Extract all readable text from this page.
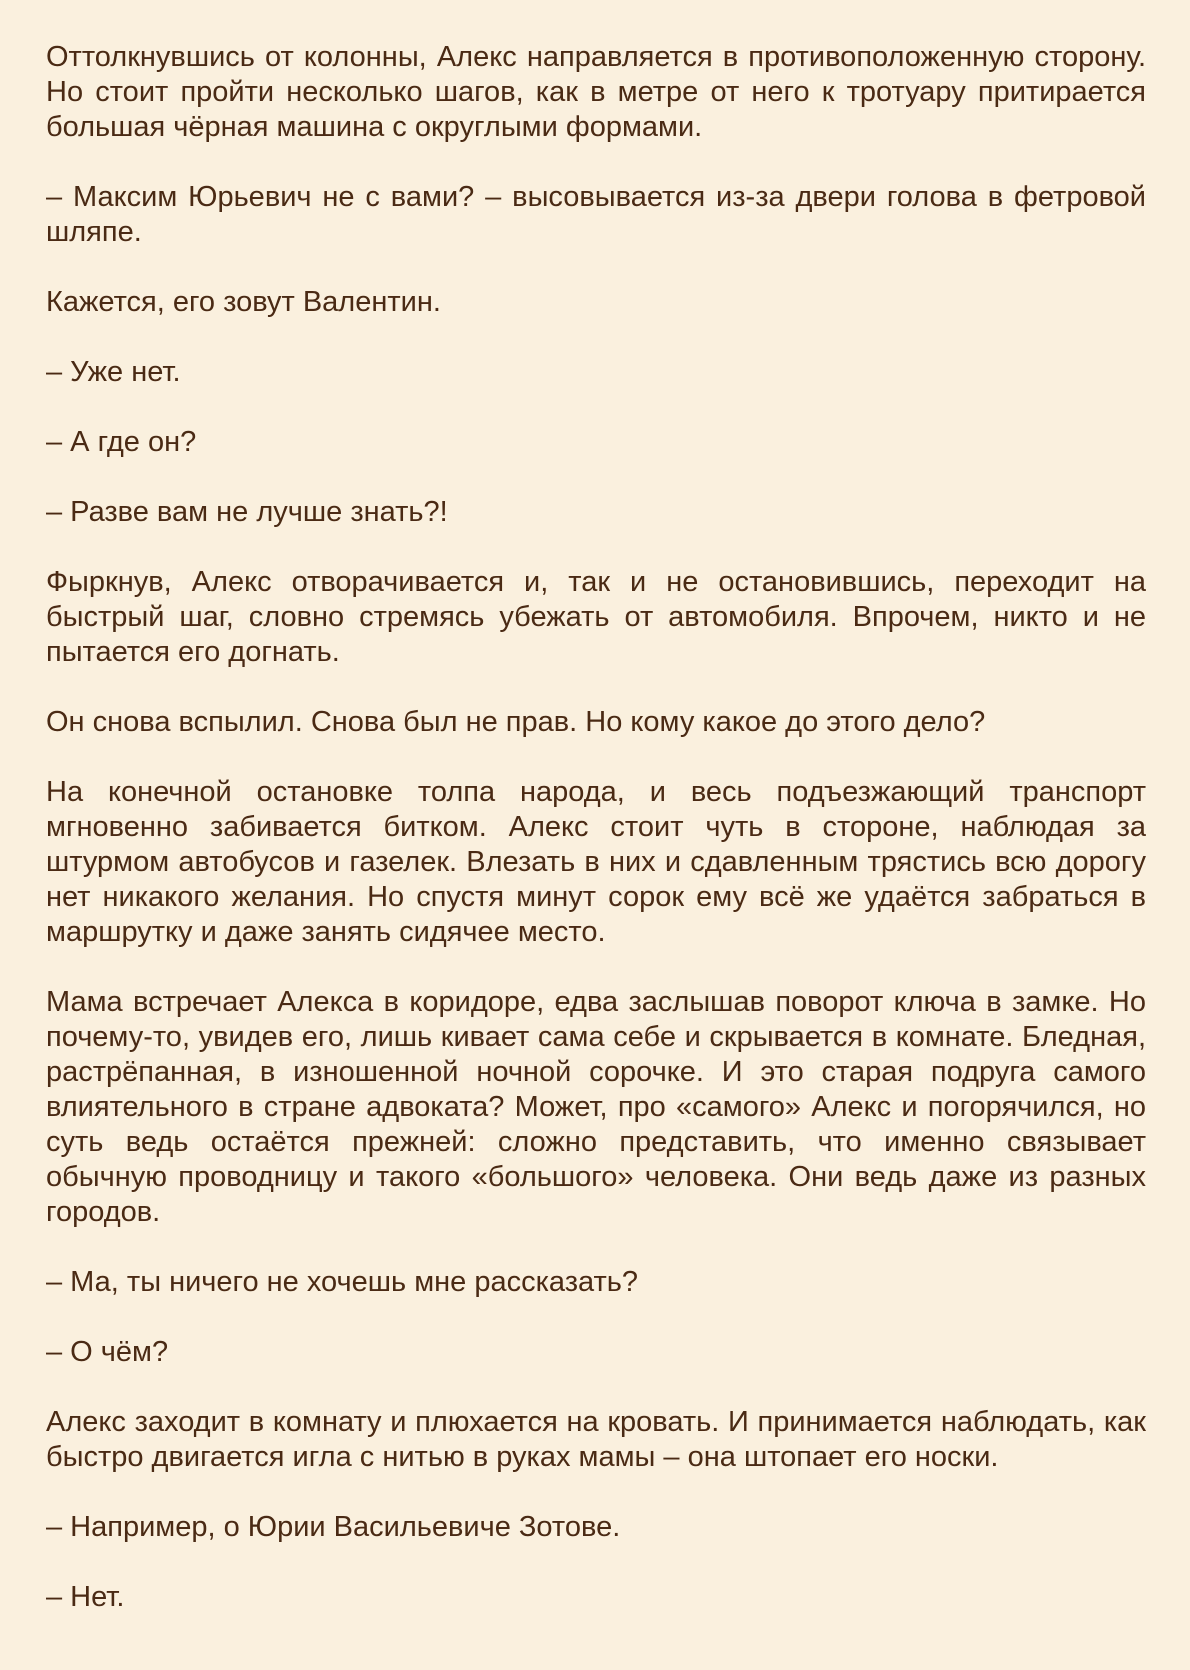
Оттолкнувшись от колонны, Алекс направляется в противоположенную сторону. Но стоит пройти несколько шагов, как в метре от него к тротуару притирается большая чёрная машина с округлыми формами.

– Максим Юрьевич не с вами? – высовывается из-за двери голова в фетровой шляпе.

Кажется, его зовут Валентин.

– Уже нет.

– А где он?

– Разве вам не лучше знать?!

Фыркнув, Алекс отворачивается и, так и не остановившись, переходит на быстрый шаг, словно стремясь убежать от автомобиля. Впрочем, никто и не пытается его догнать.

Он снова вспылил. Снова был не прав. Но кому какое до этого дело?

На конечной остановке толпа народа, и весь подъезжающий транспорт мгновенно забивается битком. Алекс стоит чуть в стороне, наблюдая за штурмом автобусов и газелек. Влезать в них и сдавленным трястись всю дорогу нет никакого желания. Но спустя минут сорок ему всё же удаётся забраться в маршрутку и даже занять сидячее место.

Мама встречает Алекса в коридоре, едва заслышав поворот ключа в замке. Но почему-то, увидев его, лишь кивает сама себе и скрывается в комнате. Бледная, растрёпанная, в изношенной ночной сорочке. И это старая подруга самого влиятельного в стране адвоката? Может, про «самого» Алекс и погорячился, но суть ведь остаётся прежней: сложно представить, что именно связывает обычную проводницу и такого «большого» человека. Они ведь даже из разных городов.

– Ма, ты ничего не хочешь мне рассказать?

– О чём?

Алекс заходит в комнату и плюхается на кровать. И принимается наблюдать, как быстро двигается игла с нитью в руках мамы – она штопает его носки.

– Например, о Юрии Васильевиче Зотове.

– Нет.
